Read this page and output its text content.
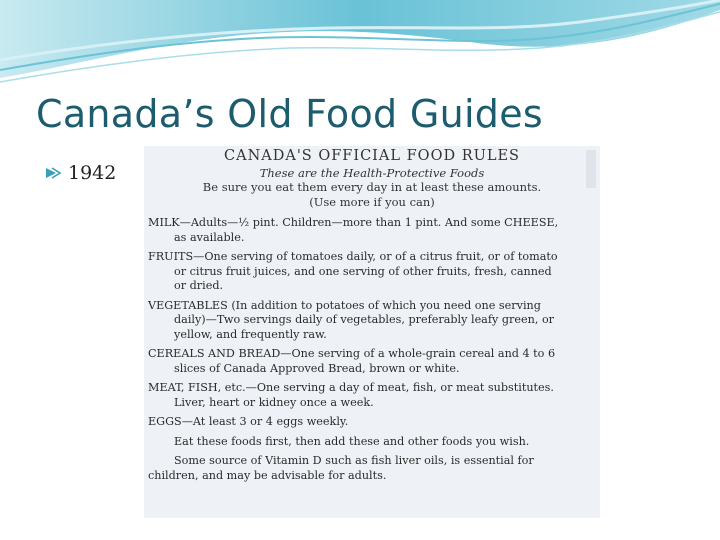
Canada’s Old Food Guides
1942

CANADA'S OFFICIAL FOOD RULES

These are the Health-Protective Foods

Be sure you eat them every day in at least these amounts.

(Use more if you can)

MILK—Adults—½ pint. Children—more than 1 pint. And some CHEESE,
as available.

FRUITS—One serving of tomatoes daily, or of a citrus fruit, or of tomato
or citrus fruit juices, and one serving of other fruits, fresh, canned
or dried.

VEGETABLES (In addition to potatoes of which you need one serving
daily)—Two servings daily of vegetables, preferably leafy green, or
yellow, and frequently raw.

CEREALS AND BREAD—One serving of a whole-grain cereal and 4 to 6
slices of Canada Approved Bread, brown or white.

MEAT, FISH, etc.—One serving a day of meat, fish, or meat substitutes.
Liver, heart or kidney once a week.

EGGS—At least 3 or 4 eggs weekly.

Eat these foods first, then add these and other foods you wish.

Some source of Vitamin D such as fish liver oils, is essential for
children, and may be advisable for adults.
